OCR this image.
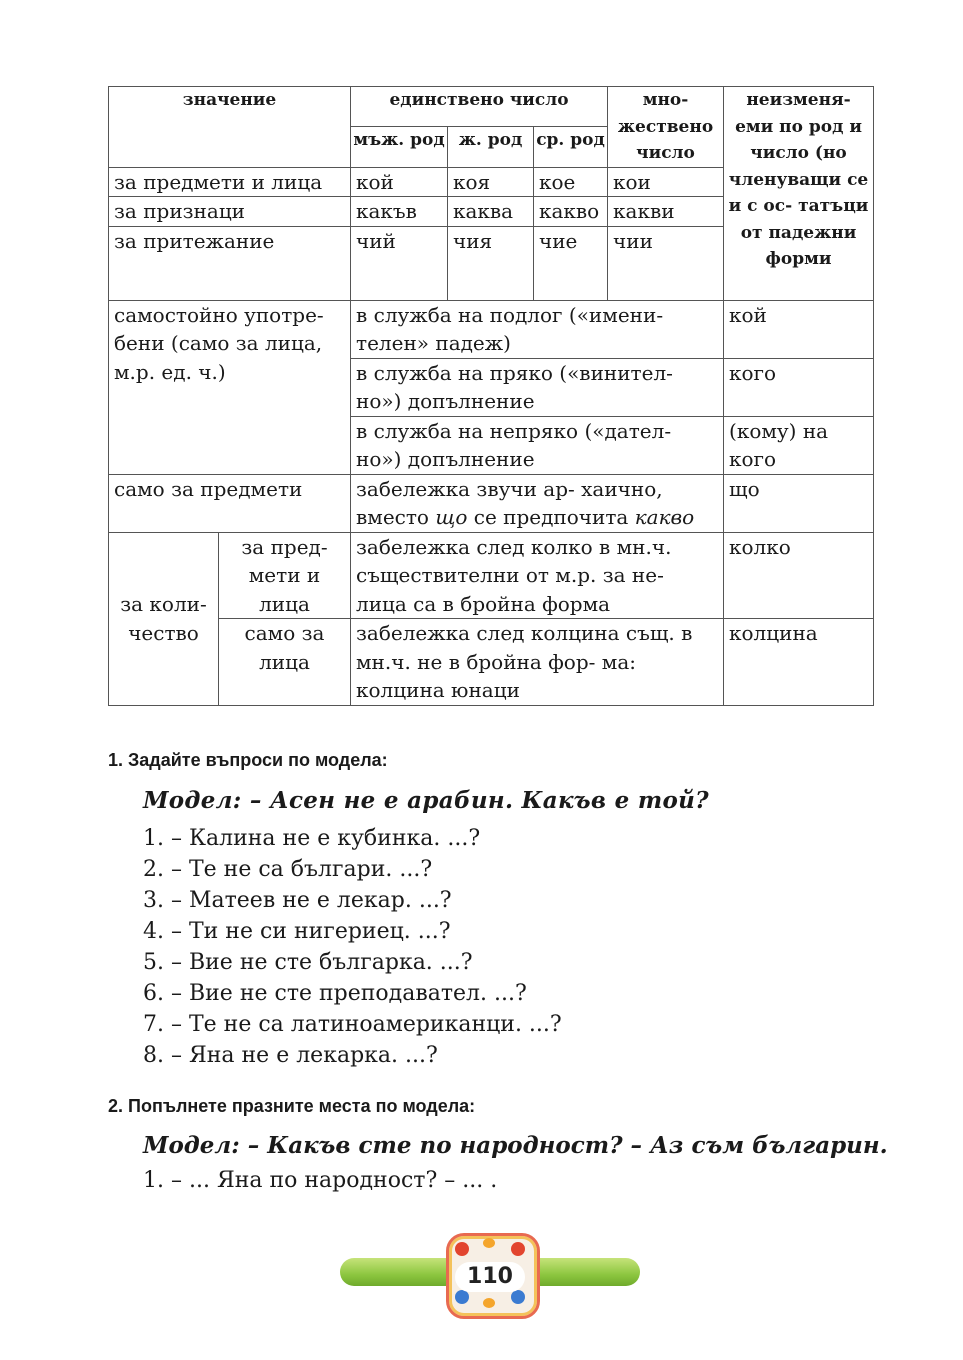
значение		единствено число			мно- жествено число	неизменя- еми по род и число (но членуващи се и с ос- татъци от падежни форми
		мъж. род	ж. род	ср. род		
за предмети и лица		кой	коя	кое	кои	
за признаци		какъв	каква	какво	какви	
за притежание		чий	чия	чие	чии	
самостойно употре- бени (само за лица, м.р. ед. ч.)		в служба на подлог («имени- телен» падеж)				кой
		в служба на пряко («винител- но») допълнение				кого
		в служба на непряко («дател- но») допълнение				(кому) на кого
само за предмети		забележка звучи ар- хаично, вместо що се предпочита какво				що
за коли- чество	за пред- мети и лица	забележка след колко в мн.ч. съществителни от м.р. за не- лица са в бройна форма				колко
	само за лица	забележка след колцина същ. в мн.ч. не в бройна фор- ма: колцина юнаци				колцина
1. Задайте въпроси по модела:
Модел: – Асен не е арабин. Какъв е той?
1. – Калина не е кубинка. ...?
2. – Те не са българи. ...?
3. – Матеев не е лекар. ...?
4. – Ти не си нигериец. ...?
5. – Вие не сте българка. ...?
6. – Вие не сте преподавател. ...?
7. – Те не са латиноамериканци. ...?
8. – Яна не е лекарка. ...?
2. Попълнете празните места по модела:
Модел: – Какъв сте по народност? – Аз съм българин.
1. – ... Яна по народност? – ... .
110
